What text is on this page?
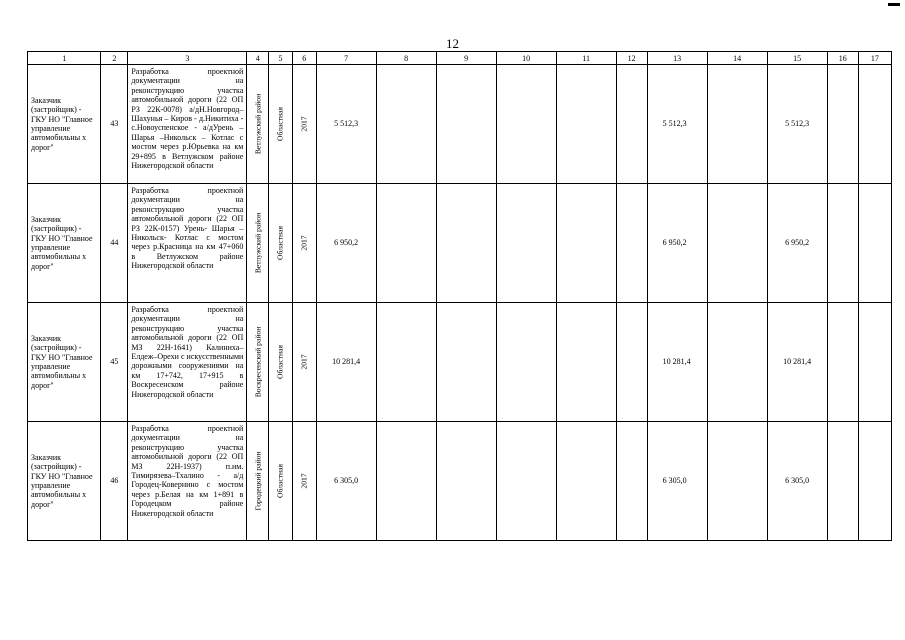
12
1	2	3	4	5	6	7	8	9	10	11	12	13	14	15	16	17
Заказчик (застройщик) - ГКУ НО "Главное управление автомобильны х дорог"	43	Разработка проектной документации на реконструкцию участка автомобильной дороги (22 ОП РЗ 22К-0078) а/дН.Новгород– Шахунья – Киров - д.Никитиха - с.Новоуспенское - а/дУрень – Шарья –Никольск – Котлас с мостом через р.Юрьевка на км 29+895 в Ветлужском районе Нижегородской области	Ветлужский район	Областная	2017	5 512,3						5 512,3		5 512,3		
Заказчик (застройщик) - ГКУ НО "Главное управление автомобильны х дорог"	44	Разработка проектной документации на реконструкцию участка автомобильной дороги (22 ОП РЗ 22К-0157) Урень- Шарья – Никольск- Котлас с мостом через р.Красница на км 47+060 в Ветлужском районе Нижегородской области	Ветлужский район	Областная	2017	6 950,2						6 950,2		6 950,2		
Заказчик (застройщик) - ГКУ НО "Главное управление автомобильны х дорог"	45	Разработка проектной документации на реконструкцию участка автомобильной дороги (22 ОП МЗ 22Н-1641) Калиниха–Елдеж–Орехи с искусственными дорожными сооружениями на км 17+742, 17+915 в Воскресенском районе Нижегородской области	Воскресенский район	Областная	2017	10 281,4						10 281,4		10 281,4		
Заказчик (застройщик) - ГКУ НО "Главное управление автомобильны х дорог"	46	Разработка проектной документации на реконструкцию участка автомобильной дороги (22 ОП МЗ 22Н-1937) п.им. Тимирязева–Тхалино - а/д Городец-Ковернино с мостом через р.Белая на км 1+891 в Городецком районе Нижегородской области	Городецкий район	Областная	2017	6 305,0						6 305,0		6 305,0		
